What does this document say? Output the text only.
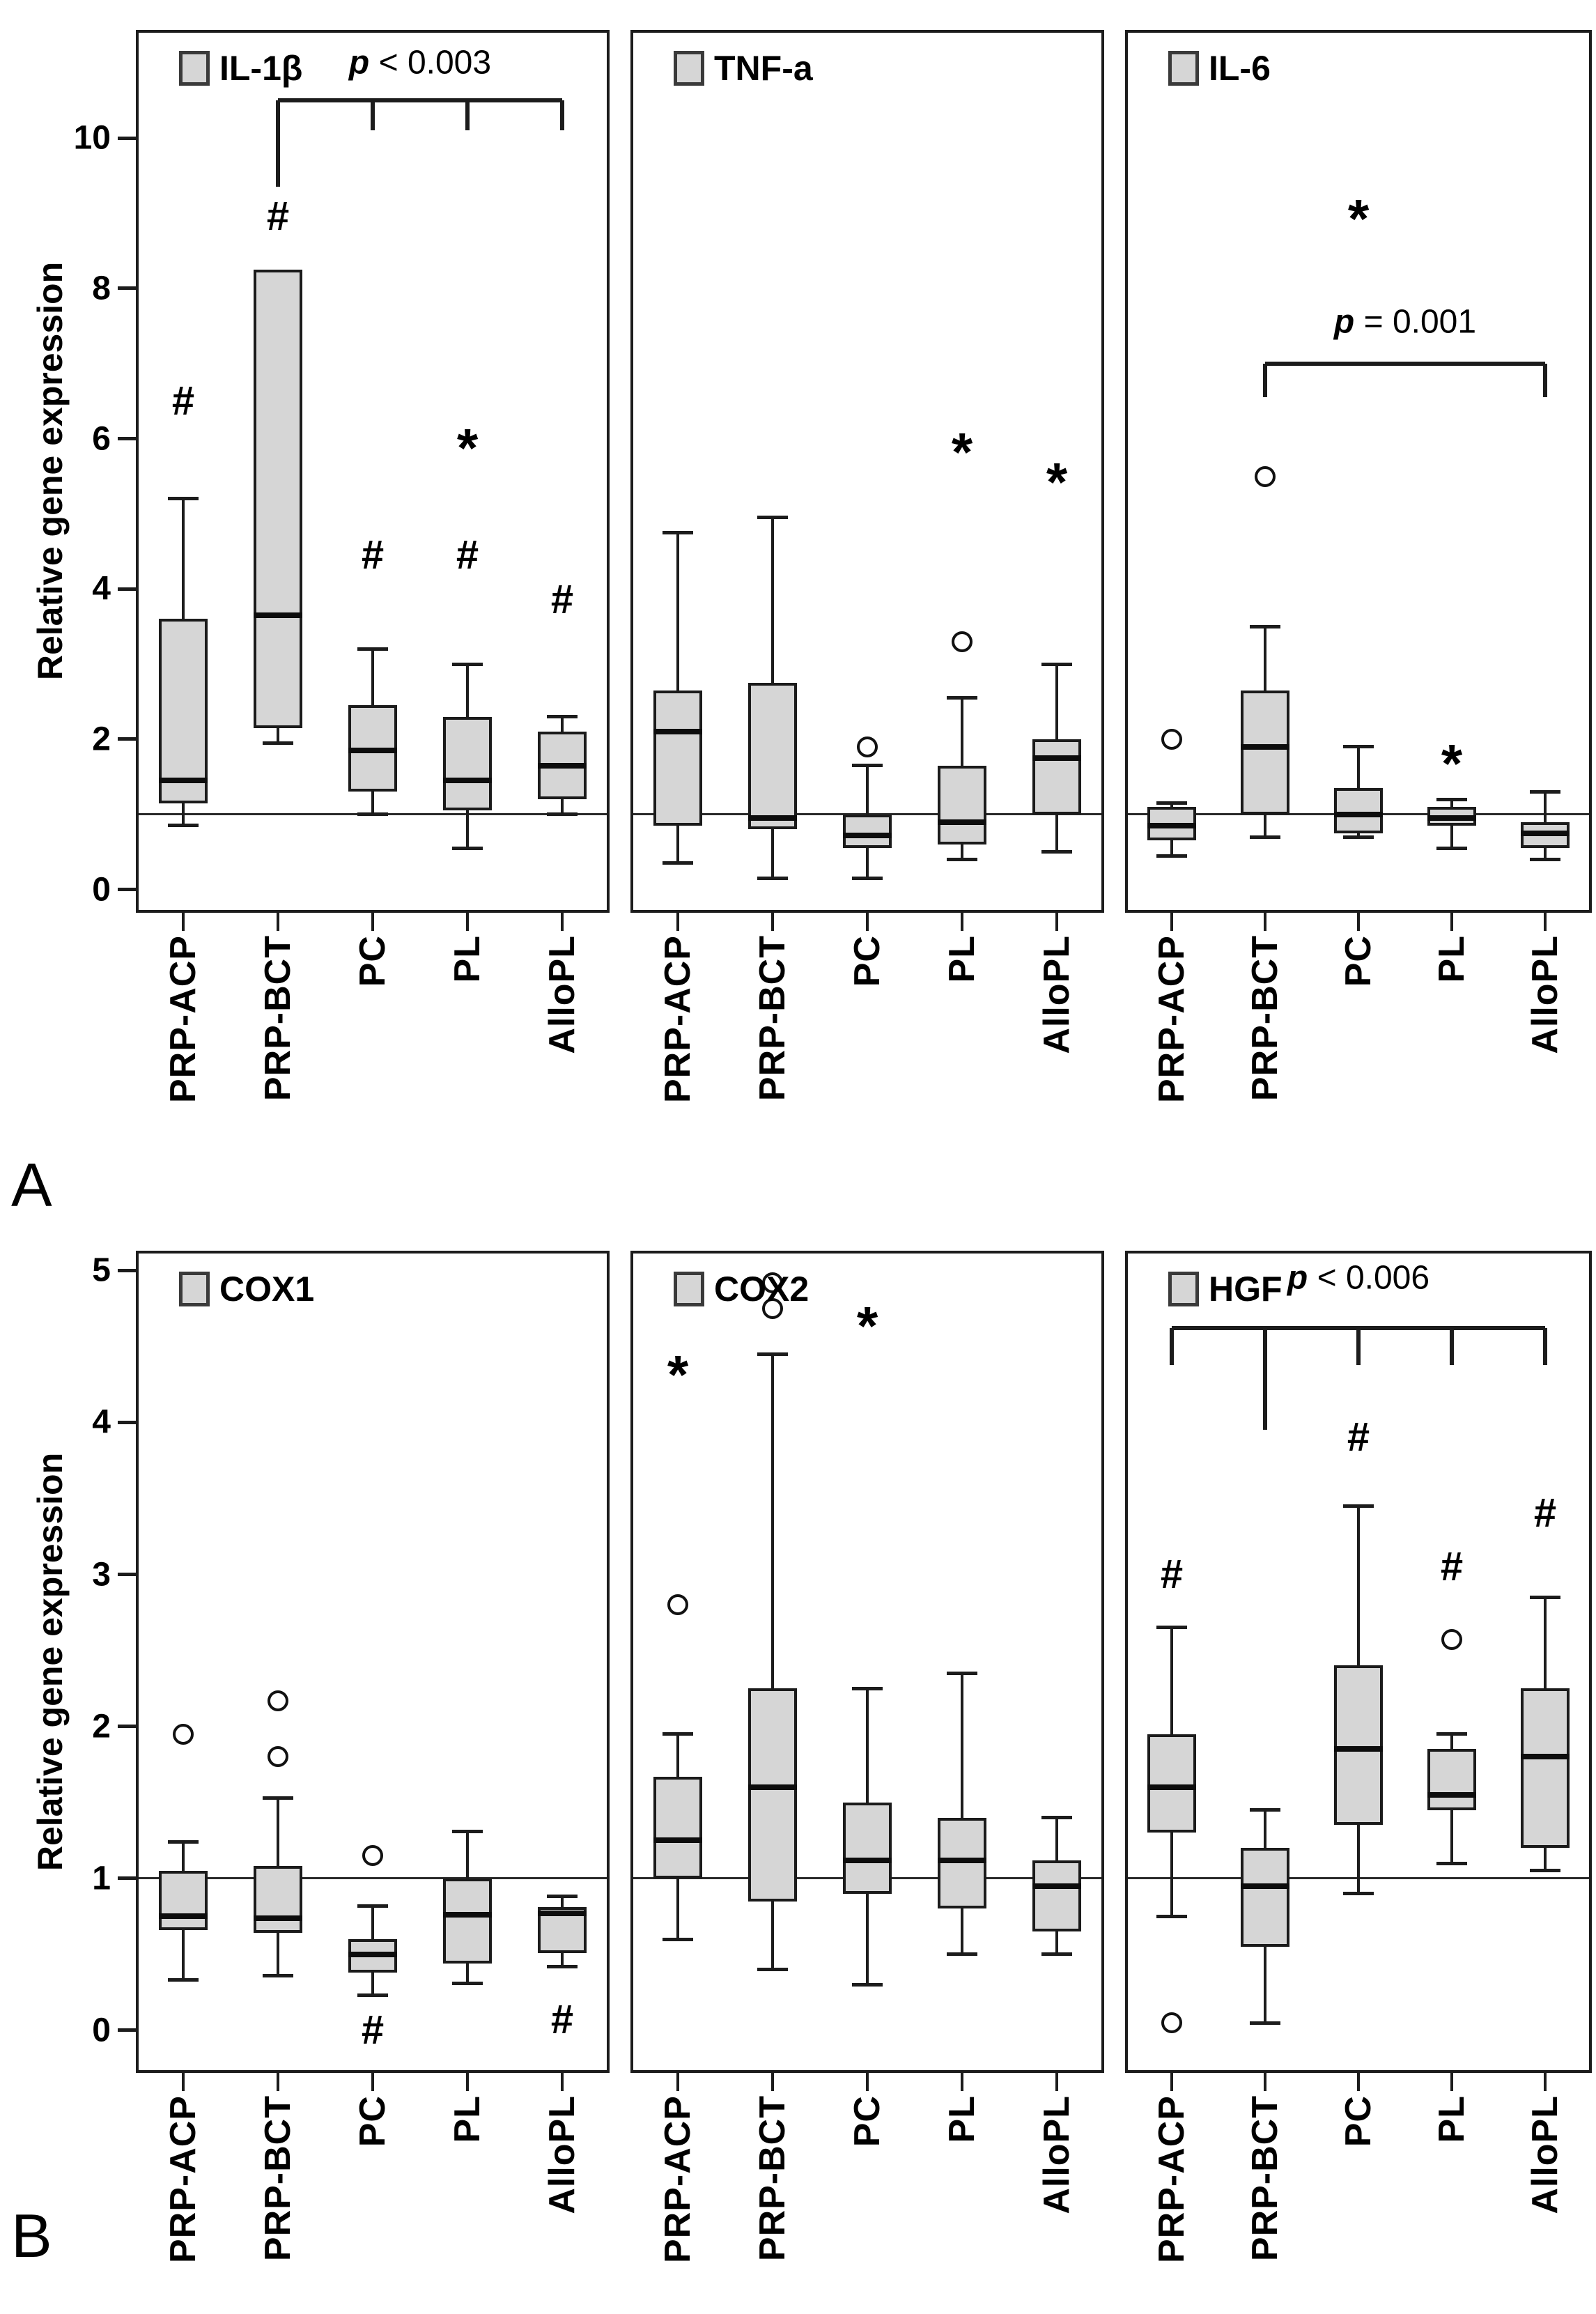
Relative gene expression
Relative gene expression
A
B
0
2
4
6
8
10
#
PRP-ACP
#
PRP-BCT
#
PC
*
#
PL
#
AlloPL
p < 0.003
IL-1β
PRP-ACP PRP-BCT PC
*
PL
*
AlloPL
TNF-a
PRP-ACP PRP-BCT
*
PC
*
PL AlloPL
p = 0.001
IL-6
0
1
2
3
4
5
PRP-ACP PRP-BCT
#
PC PL
#
AlloPL
COX1
*
PRP-ACP PRP-BCT
*
PC PL AlloPL
COX2
#
PRP-ACP PRP-BCT
#
PC
#
PL
#
AlloPL
p < 0.006
HGF
